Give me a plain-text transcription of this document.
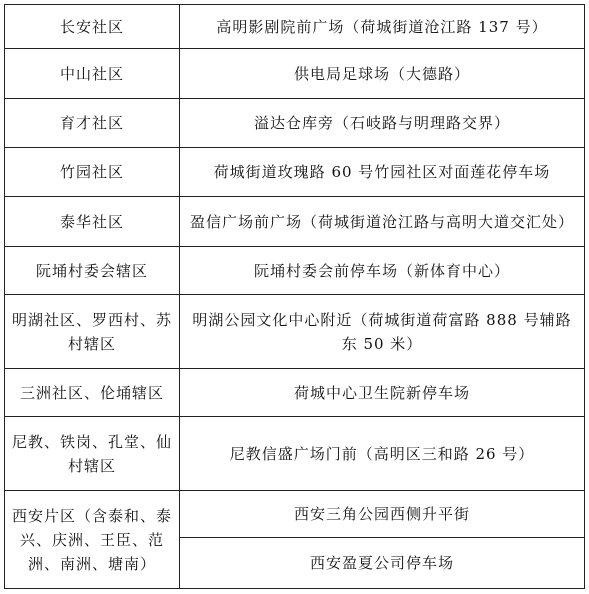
长安社区	高明影剧院前广场（荷城街道沧江路 137 号）
中山社区	供电局足球场（大德路）
育才社区	溢达仓库旁（石岐路与明理路交界）
竹园社区	荷城街道玫瑰路 60 号竹园社区对面莲花停车场
泰华社区	盈信广场前广场（荷城街道沧江路与高明大道交汇处）
阮埇村委会辖区	阮埇村委会前停车场（新体育中心）
明湖社区、罗西村、苏村辖区	明湖公园文化中心附近（荷城街道荷富路 888 号辅路东 50 米）
三洲社区、伦埇辖区	荷城中心卫生院新停车场
尼教、铁岗、孔堂、仙村辖区	尼教信盛广场门前（高明区三和路 26 号）
西安片区（含泰和、泰兴、庆洲、王臣、范洲、南洲、塘南）	西安三角公园西侧升平街
	西安盈夏公司停车场
